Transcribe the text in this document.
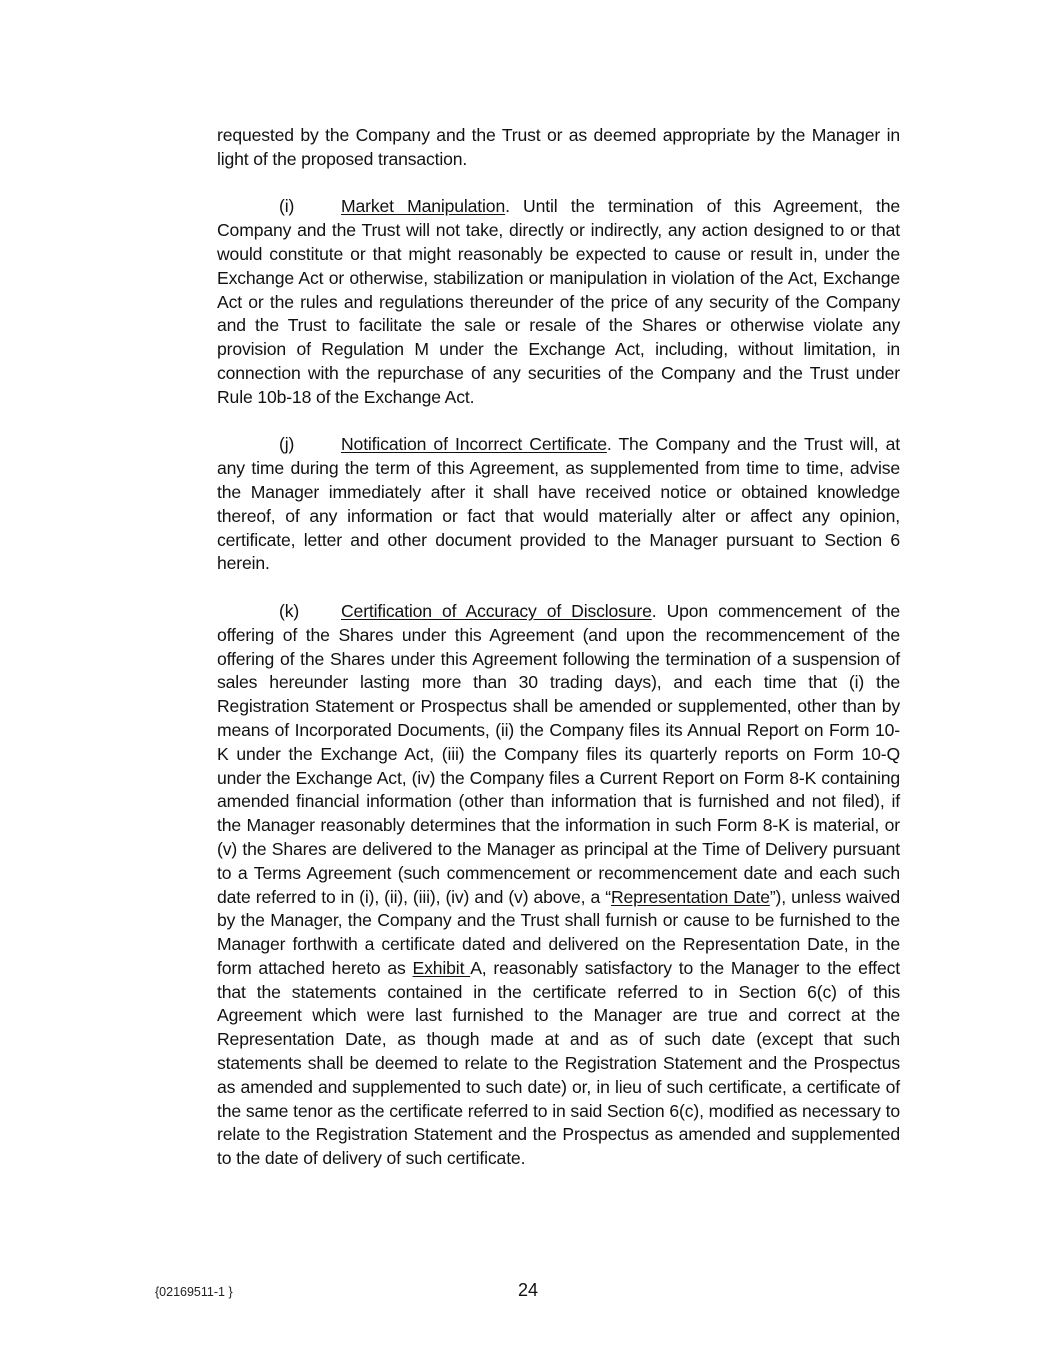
requested by the Company and the Trust or as deemed appropriate by the Manager in light of the proposed transaction.

(i)	Market Manipulation. Until the termination of this Agreement, the Company and the Trust will not take, directly or indirectly, any action designed to or that would constitute or that might reasonably be expected to cause or result in, under the Exchange Act or otherwise, stabilization or manipulation in violation of the Act, Exchange Act or the rules and regulations thereunder of the price of any security of the Company and the Trust to facilitate the sale or resale of the Shares or otherwise violate any provision of Regulation M under the Exchange Act, including, without limitation, in connection with the repurchase of any securities of the Company and the Trust under Rule 10b-18 of the Exchange Act.

(j)	Notification of Incorrect Certificate. The Company and the Trust will, at any time during the term of this Agreement, as supplemented from time to time, advise the Manager immediately after it shall have received notice or obtained knowledge thereof, of any information or fact that would materially alter or affect any opinion, certificate, letter and other document provided to the Manager pursuant to Section 6 herein.

(k) Certification of Accuracy of Disclosure. Upon commencement of the offering of the Shares under this Agreement (and upon the recommencement of the offering of the Shares under this Agreement following the termination of a suspension of sales hereunder lasting more than 30 trading days), and each time that (i) the Registration Statement or Prospectus shall be amended or supplemented, other than by means of Incorporated Documents, (ii) the Company files its Annual Report on Form 10-K under the Exchange Act, (iii) the Company files its quarterly reports on Form 10-Q under the Exchange Act, (iv) the Company files a Current Report on Form 8-K containing amended financial information (other than information that is furnished and not filed), if the Manager reasonably determines that the information in such Form 8-K is material, or (v) the Shares are delivered to the Manager as principal at the Time of Delivery pursuant to a Terms Agreement (such commencement or recommencement date and each such date referred to in (i), (ii), (iii), (iv) and (v) above, a “Representation Date”), unless waived by the Manager, the Company and the Trust shall furnish or cause to be furnished to the Manager forthwith a certificate dated and delivered on the Representation Date, in the form attached hereto as Exhibit A, reasonably satisfactory to the Manager to the effect that the statements contained in the certificate referred to in Section 6(c) of this Agreement which were last furnished to the Manager are true and correct at the Representation Date, as though made at and as of such date (except that such statements shall be deemed to relate to the Registration Statement and the Prospectus as amended and supplemented to such date) or, in lieu of such certificate, a certificate of the same tenor as the certificate referred to in said Section 6(c), modified as necessary to relate to the Registration Statement and the Prospectus as amended and supplemented to the date of delivery of such certificate.

{02169511-1 }	24
